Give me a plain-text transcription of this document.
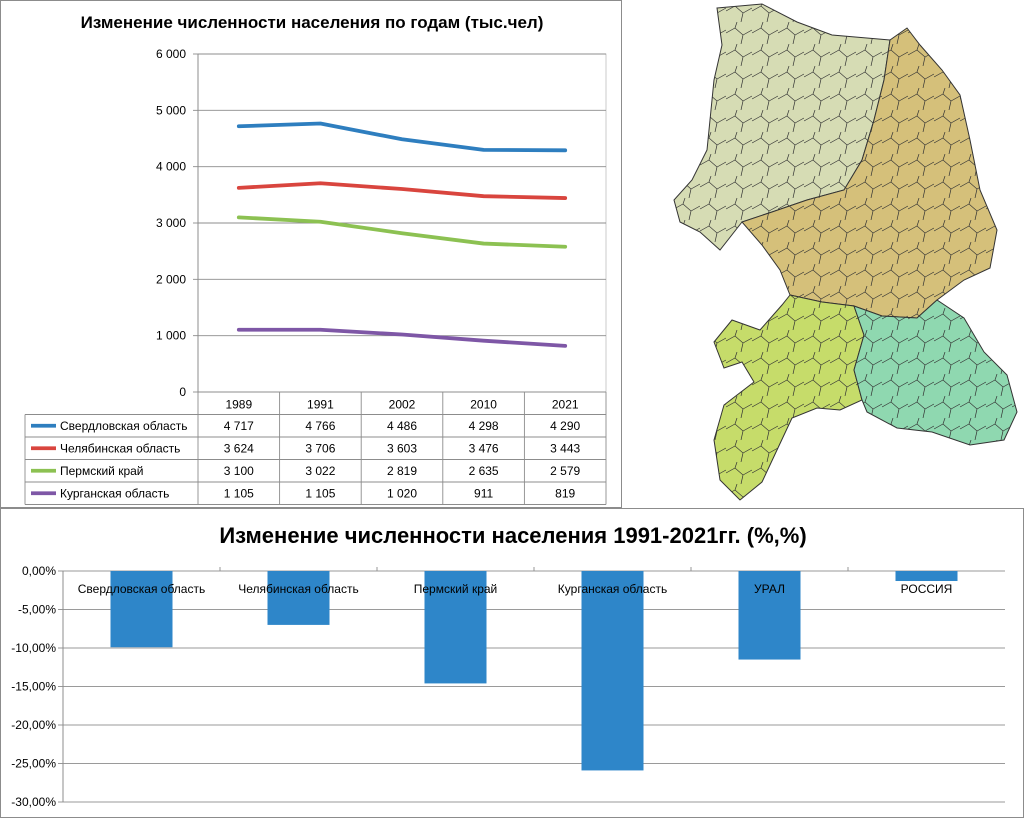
Изменение численности населения по годам (тыс.чел)
0
1 000
2 000
3 000
4 000
5 000
6 000
1989	1991	2002	2010	2021
Свердловская область	4 717	4 766	4 486	4 298	4 290
Челябинская область	3 624	3 706	3 603	3 476	3 443
Пермский край	3 100	3 022	2 819	2 635	2 579
Курганская область	1 105	1 105	1 020	911	819
Изменение численности населения 1991-2021гг. (%,%)
0,00%
-5,00%
-10,00%
-15,00%
-20,00%
-25,00%
-30,00%
Свердловская область	Челябинская область	Пермский край	Курганская область	УРАЛ	РОССИЯ
